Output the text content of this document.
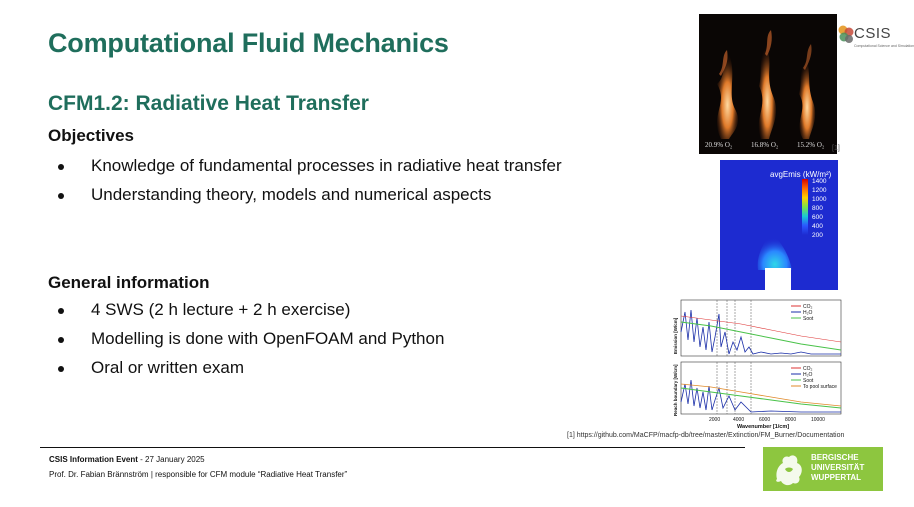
Computational Fluid Mechanics
CFM1.2: Radiative Heat Transfer
Objectives
Knowledge of fundamental processes in radiative heat transfer
Understanding theory, models and numerical aspects
General information
4 SWS (2 h lecture + 2 h exercise)
Modelling is done with OpenFOAM and Python
Oral or written exam
20.9% O₂	16.8% O₂	15.2% O₂ [1]
CSIS
Computational Science and Simulation
avgEmis (kW/m²)
1400
1200
1000
800
600
400
200
CO₂
H₂O
Soot
CO₂
H₂O
Soot
To pool surface
2000	4000	6000	8000	10000
Wavenumber [1/cm]
Emission [W/cm]
Reach boundary [W/cm]
[1] https://github.com/MaCFP/macfp-db/tree/master/Extinction/FM_Burner/Documentation
CSIS Information Event - 27 January 2025
Prof. Dr. Fabian Brännström | responsible for CFM module “Radiative Heat Transfer”
BERGISCHE
UNIVERSITÄT
WUPPERTAL
